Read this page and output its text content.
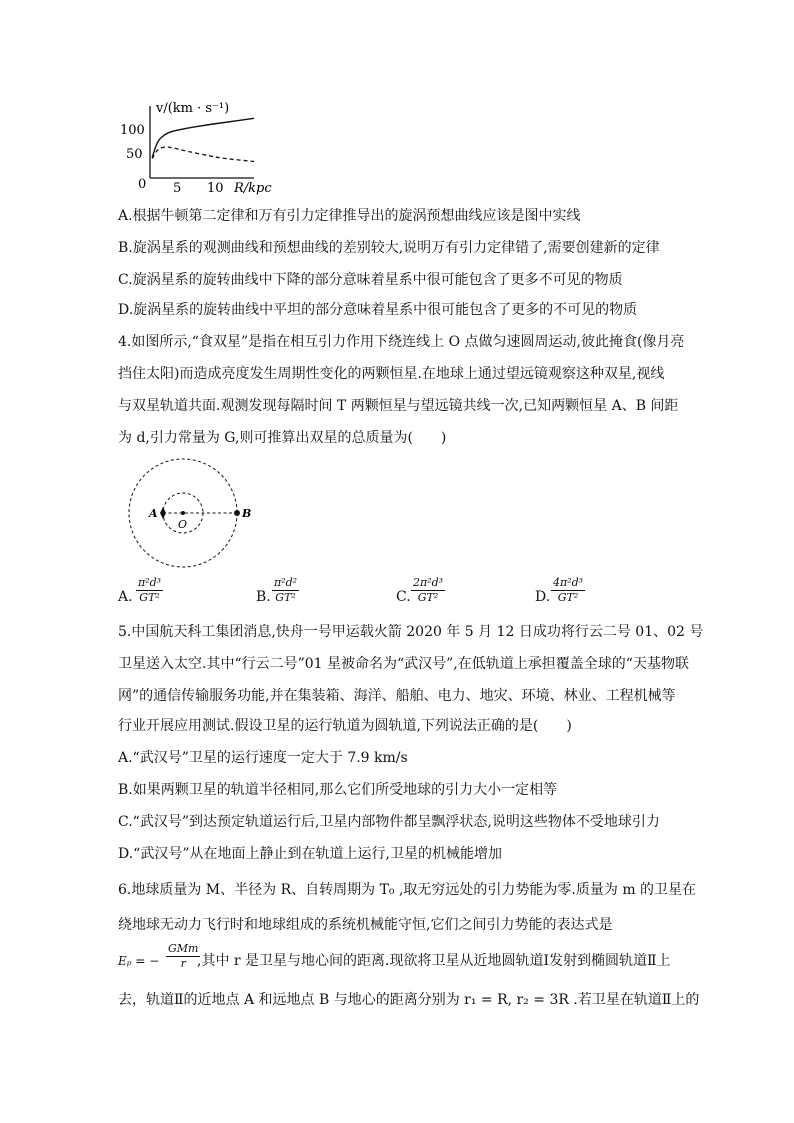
v/(km · s⁻¹)
100
50
0 5 10 R/kpc
A.根据牛顿第二定律和万有引力定律推导出的旋涡预想曲线应该是图中实线
B.旋涡星系的观测曲线和预想曲线的差别较大,说明万有引力定律错了,需要创建新的定律
C.旋涡星系的旋转曲线中下降的部分意味着星系中很可能包含了更多不可见的物质
D.旋涡星系的旋转曲线中平坦的部分意味着星系中很可能包含了更多的不可见的物质
4.如图所示,“食双星”是指在相互引力作用下绕连线上 O 点做匀速圆周运动,彼此掩食(像月亮
挡住太阳)而造成亮度发生周期性变化的两颗恒星.在地球上通过望远镜观察这种双星,视线
与双星轨道共面.观测发现每隔时间 T 两颗恒星与望远镜共线一次,已知两颗恒星 A、B 间距
为 d,引力常量为 G,则可推算出双星的总质量为(　　)
A
O
B
A. $\frac{\text{π²d³}}{\text{GT²}}$	B. $\frac{\text{π²d²}}{\text{GT²}}$	C. $\frac{\text{2π²d³}}{\text{GT²}}$	D. $\frac{\text{4π²d³}}{\text{GT²}}$
5.中国航天科工集团消息,快舟一号甲运载火箭 2020 年 5 月 12 日成功将行云二号 01、02 号
卫星送入太空.其中“行云二号”01 星被命名为“武汉号”,在低轨道上承担覆盖全球的“天基物联
网”的通信传输服务功能,并在集装箱、海洋、船舶、电力、地灾、环境、林业、工程机械等
行业开展应用测试.假设卫星的运行轨道为圆轨道,下列说法正确的是(　　)
A.“武汉号”卫星的运行速度一定大于 7.9 km/s
B.如果两颗卫星的轨道半径相同,那么它们所受地球的引力大小一定相等
C.“武汉号”到达预定轨道运行后,卫星内部物件都呈飘浮状态,说明这些物体不受地球引力
D.“武汉号”从在地面上静止到在轨道上运行,卫星的机械能增加
6.地球质量为 M、半径为 R、自转周期为 T₀ ,取无穷远处的引力势能为零.质量为 m 的卫星在
绕地球无动力飞行时和地球组成的系统机械能守恒,它们之间引力势能的表达式是
Eₚ = −
GMm
r ,其中 r 是卫星与地心间的距离.现欲将卫星从近地圆轨道Ⅰ发射到椭圆轨道Ⅱ上
去，轨道Ⅱ的近地点 A 和远地点 B 与地心的距离分别为 r₁ = R, r₂ = 3R .若卫星在轨道Ⅱ上的
